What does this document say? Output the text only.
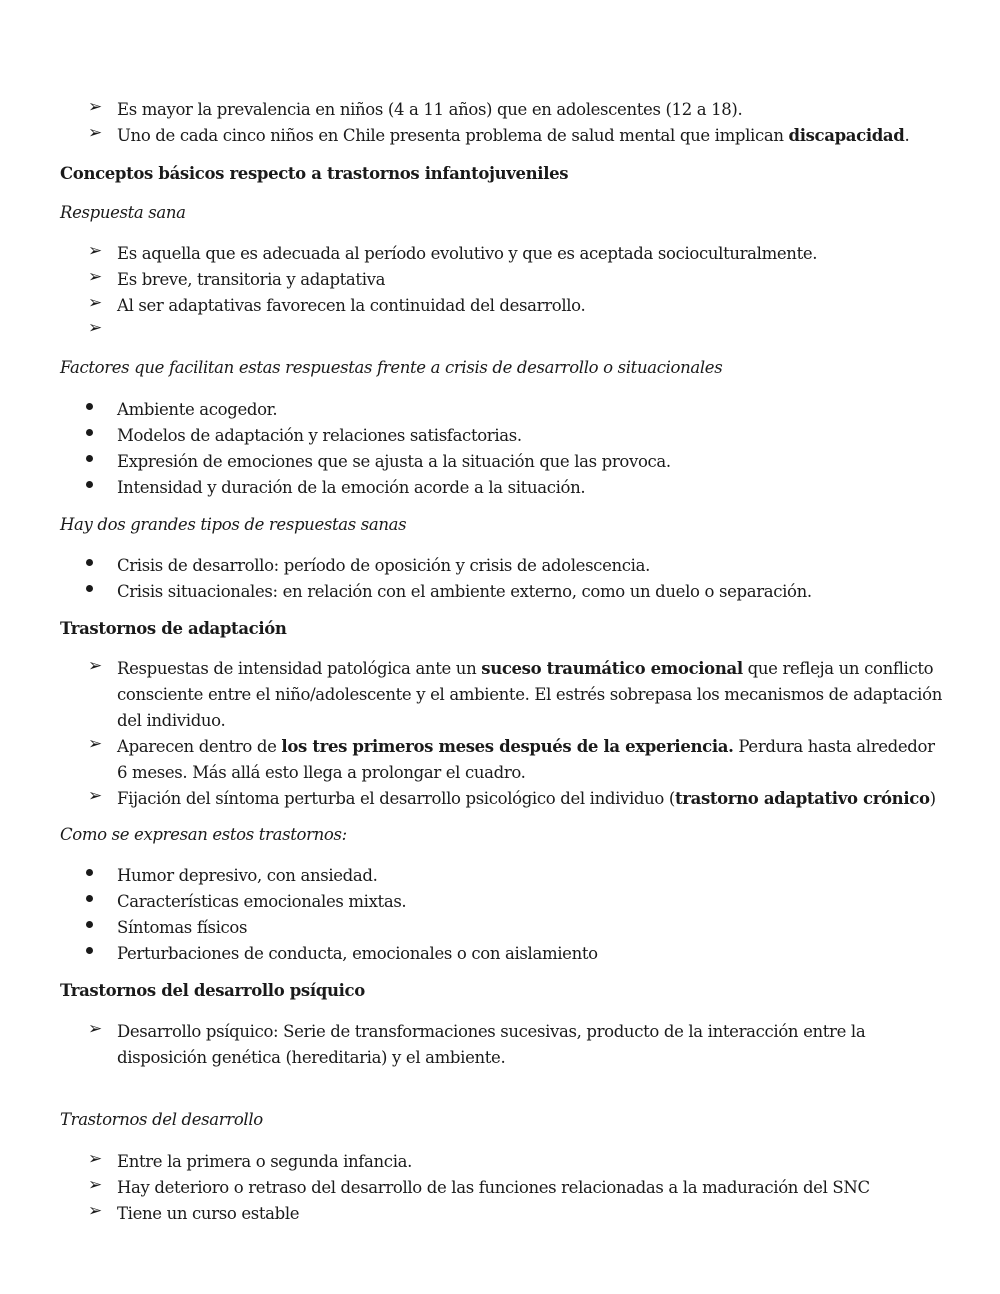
➢ Es mayor la prevalencia en niños (4 a 11 años) que en adolescentes (12 a 18).
➢ Uno de cada cinco niños en Chile presenta problema de salud mental que implican discapacidad.
Conceptos básicos respecto a trastornos infantojuveniles
Respuesta sana
➢ Es aquella que es adecuada al período evolutivo y que es aceptada socioculturalmente.
➢ Es breve, transitoria y adaptativa
➢ Al ser adaptativas favorecen la continuidad del desarrollo.
➢
Factores que facilitan estas respuestas frente a crisis de desarrollo o situacionales
Ambiente acogedor.
Modelos de adaptación y relaciones satisfactorias.
Expresión de emociones que se ajusta a la situación que las provoca.
Intensidad y duración de la emoción acorde a la situación.
Hay dos grandes tipos de respuestas sanas
Crisis de desarrollo: período de oposición y crisis de adolescencia.
Crisis situacionales: en relación con el ambiente externo, como un duelo o separación.
Trastornos de adaptación
➢ Respuestas de intensidad patológica ante un suceso traumático emocional que refleja un conflicto consciente entre el niño/adolescente y el ambiente. El estrés sobrepasa los mecanismos de adaptación del individuo.
➢ Aparecen dentro de los tres primeros meses después de la experiencia. Perdura hasta alrededor 6 meses. Más allá esto llega a prolongar el cuadro.
➢ Fijación del síntoma perturba el desarrollo psicológico del individuo (trastorno adaptativo crónico)
Como se expresan estos trastornos:
Humor depresivo, con ansiedad.
Características emocionales mixtas.
Síntomas físicos
Perturbaciones de conducta, emocionales o con aislamiento
Trastornos del desarrollo psíquico
➢ Desarrollo psíquico: Serie de transformaciones sucesivas, producto de la interacción entre la disposición genética (hereditaria) y el ambiente.
Trastornos del desarrollo
➢ Entre la primera o segunda infancia.
➢ Hay deterioro o retraso del desarrollo de las funciones relacionadas a la maduración del SNC
➢ Tiene un curso estable
